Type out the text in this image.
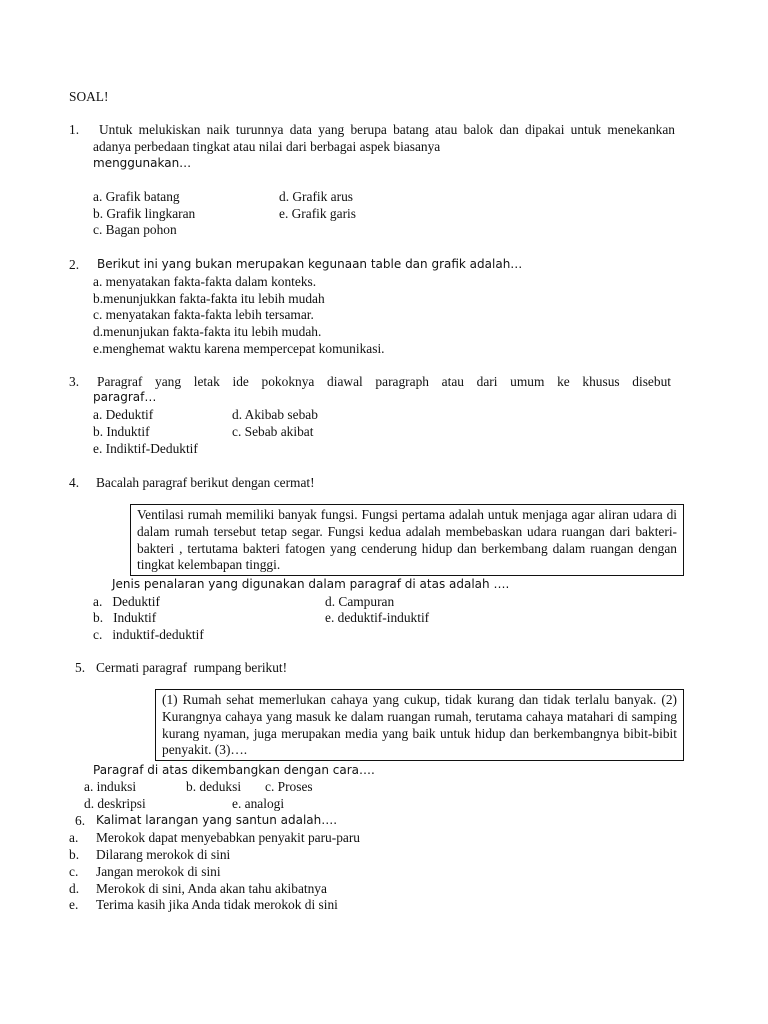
SOAL!
1.	Untuk melukiskan naik turunnya data yang berupa batang atau balok dan dipakai untuk menekankan adanya perbedaan tingkat atau nilai dari berbagai aspek biasanya
menggunakan…
a. Grafik batang
b. Grafik lingkaran
c. Bagan pohon
d. Grafik arus
e. Grafik garis
2. Berikut ini yang bukan merupakan kegunaan table dan grafik adalah…
a. menyatakan fakta-fakta dalam konteks.
b.menunjukkan fakta-fakta itu lebih mudah
c. menyatakan fakta-fakta lebih tersamar.
d.menunjukan fakta-fakta itu lebih mudah.
e.menghemat waktu karena mempercepat komunikasi.
3. Paragraf yang letak ide pokoknya diawal paragraph atau dari umum ke khusus disebut
paragraf…
a. Deduktif
b. Induktif
e. Indiktif-Deduktif
d. Akibab sebab
c. Sebab akibat
4. Bacalah paragraf berikut dengan cermat!
Ventilasi rumah memiliki banyak fungsi. Fungsi pertama adalah untuk menjaga agar aliran udara di dalam rumah tersebut tetap segar. Fungsi kedua adalah membebaskan udara ruangan dari bakteri-bakteri , tertutama bakteri fatogen yang cenderung hidup dan berkembang dalam ruangan dengan tingkat kelembapan tinggi.
Jenis penalaran yang digunakan dalam paragraf di atas adalah ….
a.   Deduktif
b.   Induktif
c.   induktif-deduktif
d. Campuran
e. deduktif-induktif
5. Cermati paragraf  rumpang berikut!
(1) Rumah sehat memerlukan cahaya yang cukup, tidak kurang dan tidak terlalu banyak. (2) Kurangnya cahaya yang masuk ke dalam ruangan rumah, terutama cahaya matahari di samping kurang nyaman, juga merupakan media yang baik untuk hidup dan berkembangnya bibit-bibit penyakit. (3)….
Paragraf di atas dikembangkan dengan cara….
a. induksi	b. deduksi c. Proses
d. deskripsi	e. analogi
6. Kalimat larangan yang santun adalah….
a. Merokok dapat menyebabkan penyakit paru-paru
b. Dilarang merokok di sini
c. Jangan merokok di sini
d. Merokok di sini, Anda akan tahu akibatnya
e. Terima kasih jika Anda tidak merokok di sini
